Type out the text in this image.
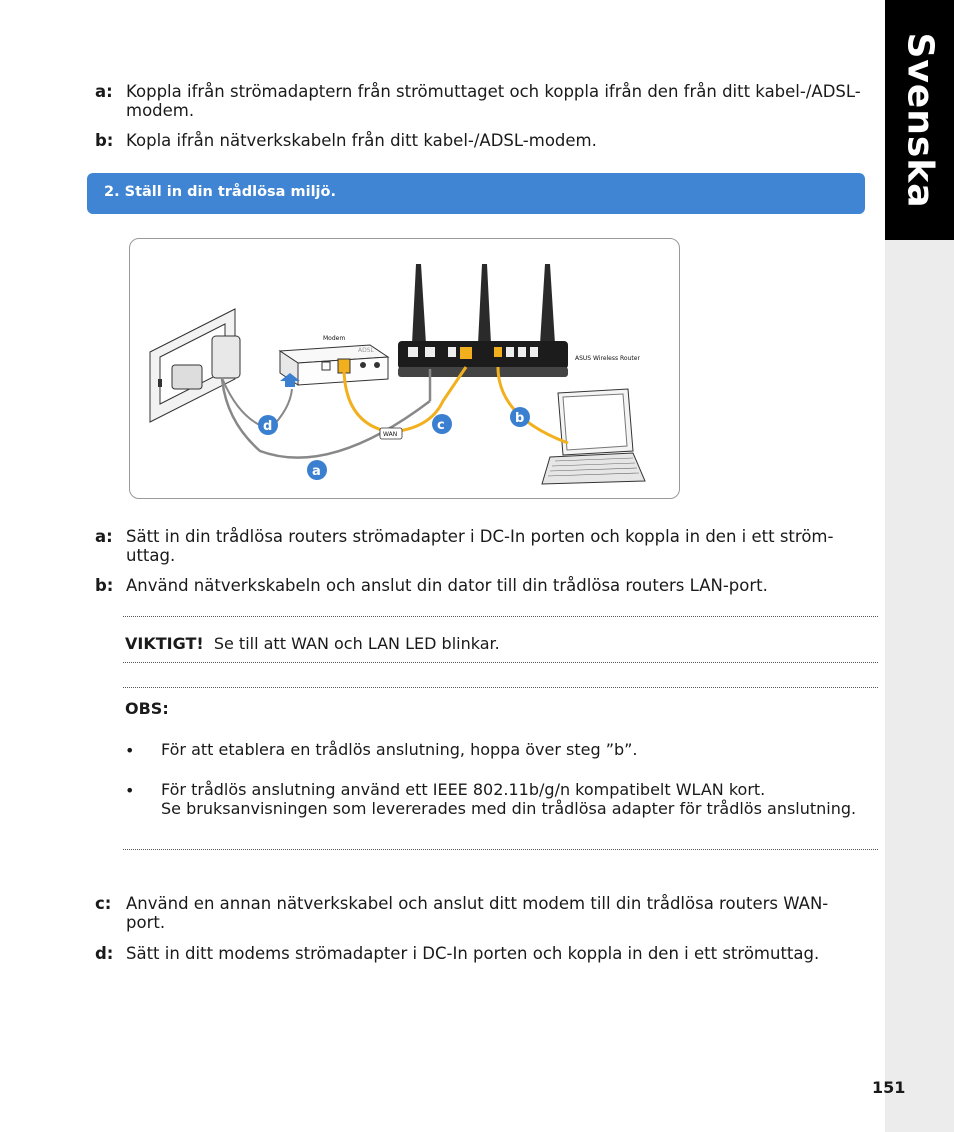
Svenska
a: Koppla ifrån strömadaptern från strömuttaget och koppla ifrån den från ditt kabel-/ADSL-modem.
b: Kopla ifrån nätverkskabeln från ditt kabel-/ADSL-modem.
2. Ställ in din trådlösa miljö.
Modem
ADSL
ASUS Wireless Router
WAN
a
b
c
d
a: Sätt in din trådlösa routers strömadapter i DC-In porten och koppla in den i ett ström-uttag.
b: Använd nätverkskabeln och anslut din dator till din trådlösa routers LAN-port.
VIKTIGT! Se till att WAN och LAN LED blinkar.
OBS:
• För att etablera en trådlös anslutning, hoppa över steg ”b”.
• För trådlös anslutning använd ett IEEE 802.11b/g/n kompatibelt WLAN kort.
Se bruksanvisningen som levererades med din trådlösa adapter för trådlös anslutning.
c: Använd en annan nätverkskabel och anslut ditt modem till din trådlösa routers WAN-port.
d: Sätt in ditt modems strömadapter i DC-In porten och koppla in den i ett strömuttag.
151
